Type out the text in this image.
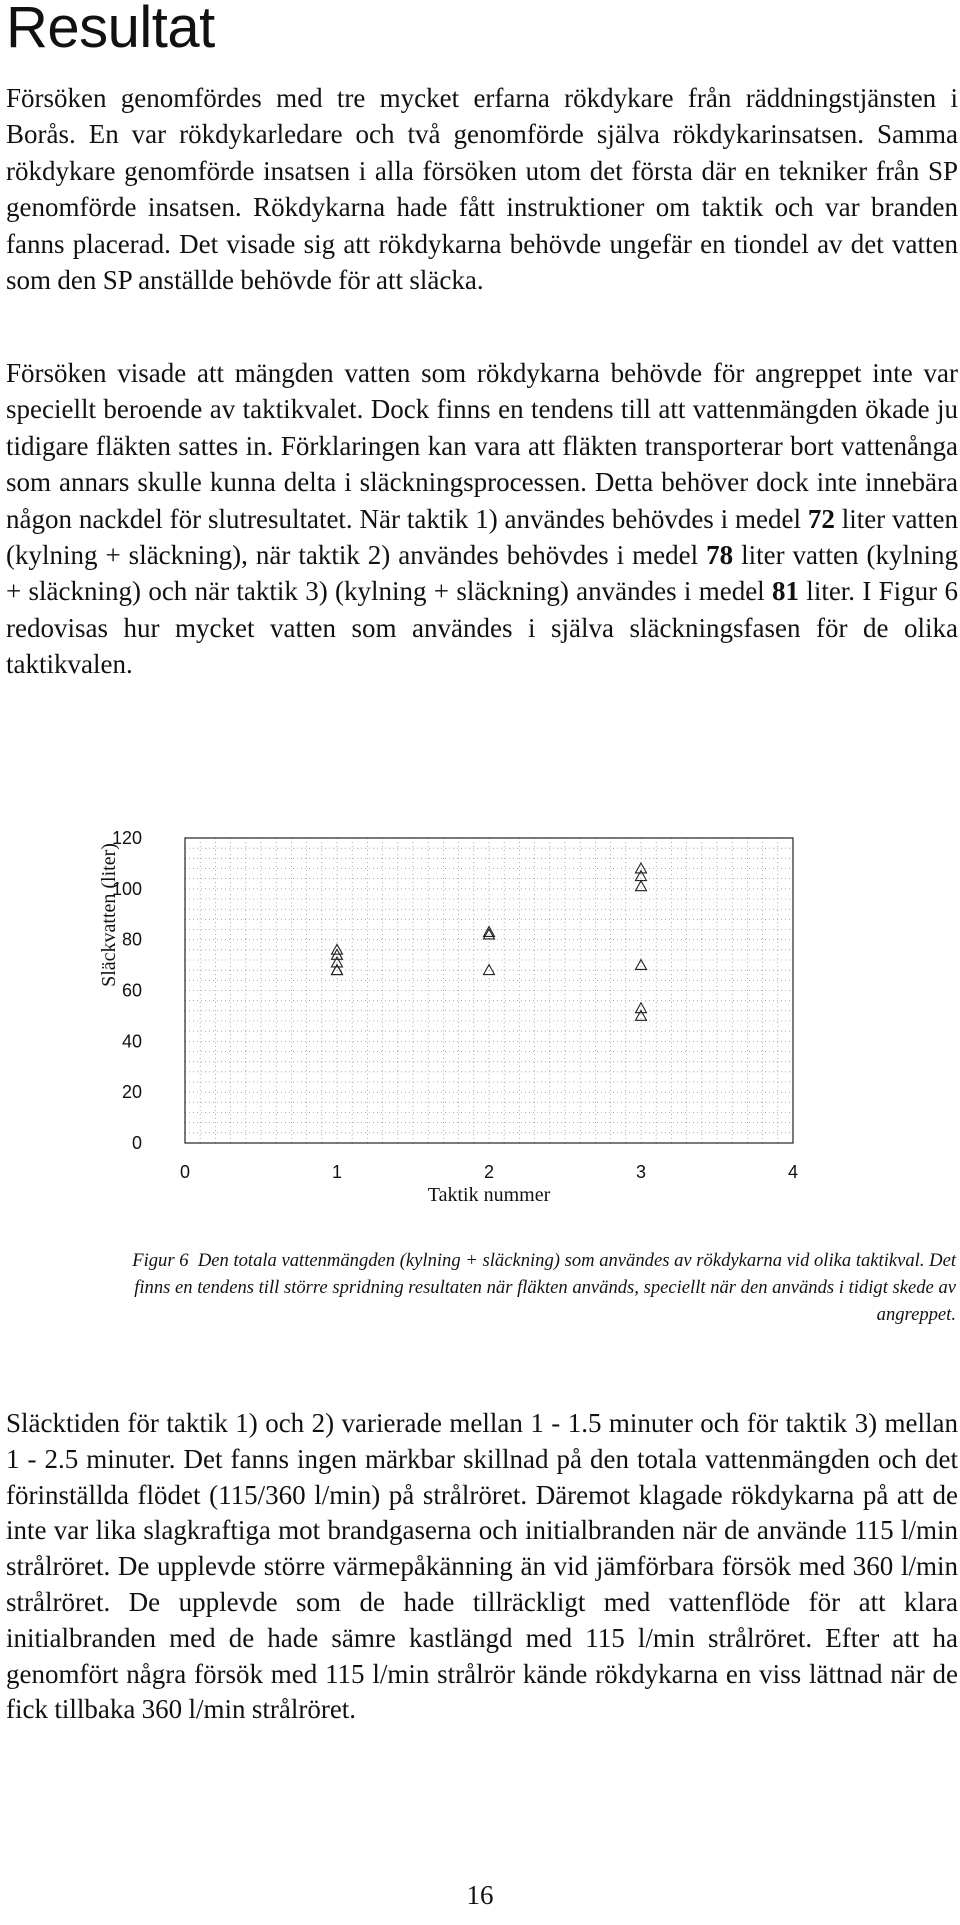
Resultat

Försöken genomfördes med tre mycket erfarna rökdykare från räddningstjänsten i Borås. En var rökdykarledare och två genomförde själva rökdykarinsatsen. Samma rökdykare genomförde insatsen i alla försöken utom det första där en tekniker från SP genomförde insatsen. Rökdykarna hade fått instruktioner om taktik och var branden fanns placerad. Det visade sig att rökdykarna behövde ungefär en tiondel av det vatten som den SP anställde behövde för att släcka.

Försöken visade att mängden vatten som rökdykarna behövde för angreppet inte var speciellt beroende av taktikvalet. Dock finns en tendens till att vattenmängden ökade ju tidigare fläkten sattes in. Förklaringen kan vara att fläkten transporterar bort vattenånga som annars skulle kunna delta i släckningsprocessen. Detta behöver dock inte innebära någon nackdel för slutresultatet. När taktik 1) användes behövdes i medel 72 liter vatten (kylning + släckning), när taktik 2) användes behövdes i medel 78 liter vatten (kylning + släckning) och när taktik 3) (kylning + släckning) användes i medel 81 liter. I Figur 6 redovisas hur mycket vatten som användes i själva släckningsfasen för de olika taktikvalen.

0
20
40
60
80
100
120
0	1	2	3	4
Taktik nummer
Släckvatten (liter)

Figur 6 Den totala vattenmängden (kylning + släckning) som användes av rökdykarna vid olika taktikval. Det finns en tendens till större spridning resultaten när fläkten används, speciellt när den används i tidigt skede av angreppet.

Släcktiden för taktik 1) och 2) varierade mellan 1 - 1.5 minuter och för taktik 3) mellan 1 - 2.5 minuter. Det fanns ingen märkbar skillnad på den totala vattenmängden och det förinställda flödet (115/360 l/min) på strålröret. Däremot klagade rökdykarna på att de inte var lika slagkraftiga mot brandgaserna och initialbranden när de använde 115 l/min strålröret. De upplevde större värmepåkänning än vid jämförbara försök med 360 l/min strålröret. De upplevde som de hade tillräckligt med vattenflöde för att klara initialbranden med de hade sämre kastlängd med 115 l/min strålröret. Efter att ha genomfört några försök med 115 l/min strålrör kände rökdykarna en viss lättnad när de fick tillbaka 360 l/min strålröret.

16
